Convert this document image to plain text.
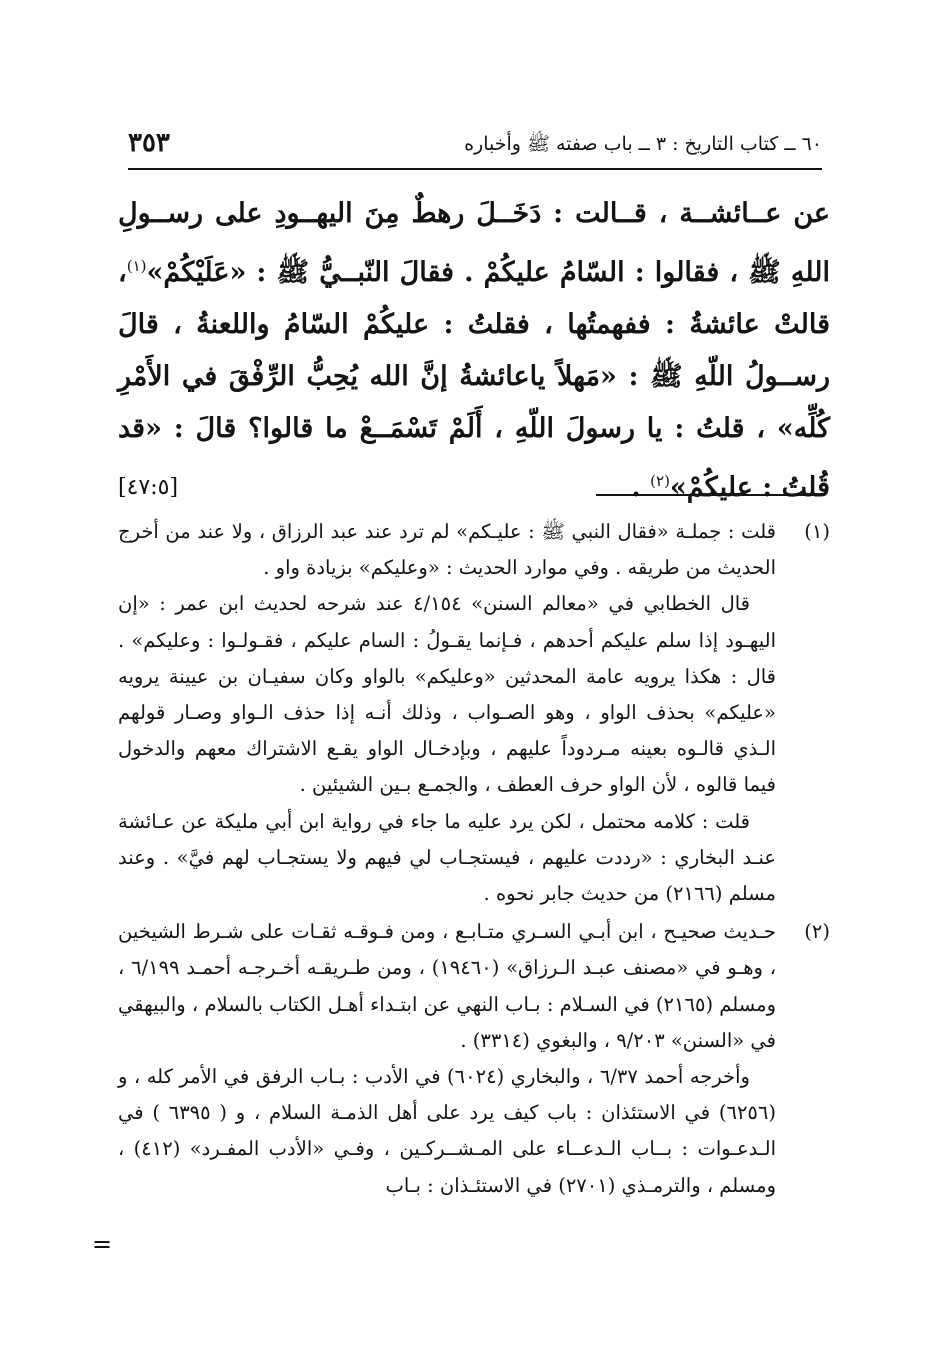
٣٥٣	٦٠ ــ كتاب التاريخ : ٣ ــ باب صفته ﷺ وأخباره
عن عــائشــة ، قــالت : دَخَــلَ رهطٌ مِنَ اليهــودِ على رســولِ اللهِ ﷺ ، فقالوا : السّامُ عليكُمْ . فقالَ النّبــيُّ ﷺ : «عَلَيْكُمْ»$^{(١)}$، قالتْ عائشةُ : ففهمتُها ، فقلتُ : عليكُمْ السّامُ واللعنةُ ، قالَ رســولُ اللّهِ ﷺ : «مَهلاً ياعائشةُ إنَّ الله يُحِبُّ الرِّفْقَ في الأَمْرِ كُلِّه» ، قلتُ : يا رسولَ اللّهِ ، أَلَمْ تَسْمَــعْ ما قالوا؟ قالَ : «قد قُلتُ : عليكُمْ»$^{(٢)}$ .
[٤٧:٥]
(١)
قلت : جملـة «فقال النبي ﷺ : عليـكم» لم ترد عند عبد الرزاق ، ولا عند من أخرج الحديث من طريقه . وفي موارد الحديث : «وعليكم» بزيادة واو .
قال الخطابي في «معالم السنن» ٤/١٥٤ عند شرحه لحديث ابن عمر : «إن اليهـود إذا سلم عليكم أحدهم ، فـإنما يقـولُ : السام عليكم ، فقـولـوا : وعليكم» . قال : هكذا يرويه عامة المحدثين «وعليكم» بالواو وكان سفيـان بن عيينة يرويه «عليكم» بحذف الواو ، وهو الصـواب ، وذلك أنـه إذا حذف الـواو وصـار قولهم الـذي قالـوه بعينه مـردوداً عليهم ، وبإدخـال الواو يقـع الاشتراك معهم والدخول فيما قالوه ، لأن الواو حرف العطف ، والجمـع بـين الشيئين .
قلت : كلامه محتمل ، لكن يرد عليه ما جاء في رواية ابن أبي مليكة عن عـائشة عنـد البخاري : «رددت عليهم ، فيستجـاب لي فيهم ولا يستجـاب لهم فيَّ» . وعند مسلم (٢١٦٦) من حديث جابر نحوه .
(٢)
حـديث صحيـح ، ابن أبـي السـري متـابـع ، ومن فـوقـه ثقـات على شـرط الشيخين ، وهـو في «مصنف عبـد الـرزاق» (١٩٤٦٠) ، ومن طـريقـه أخـرجـه أحمـد ٦/١٩٩ ، ومسلم (٢١٦٥) في السـلام : بـاب النهي عن ابتـداء أهـل الكتاب بالسلام ، والبيهقي في «السنن» ٩/٢٠٣ ، والبغوي (٣٣١٤) .
وأخرجه أحمد ٦/٣٧ ، والبخاري (٦٠٢٤) في الأدب : بـاب الرفق في الأمر كله ، و (٦٢٥٦) في الاستئذان : باب كيف يرد على أهل الذمـة السلام ، و ( ٦٣٩٥ ) في الـدعـوات : بــاب الـدعــاء على المـشــركـين ، وفـي «الأدب المفـرد» (٤١٢) ، ومسلم ، والترمـذي (٢٧٠١) في الاستئـذان : بـاب
=
